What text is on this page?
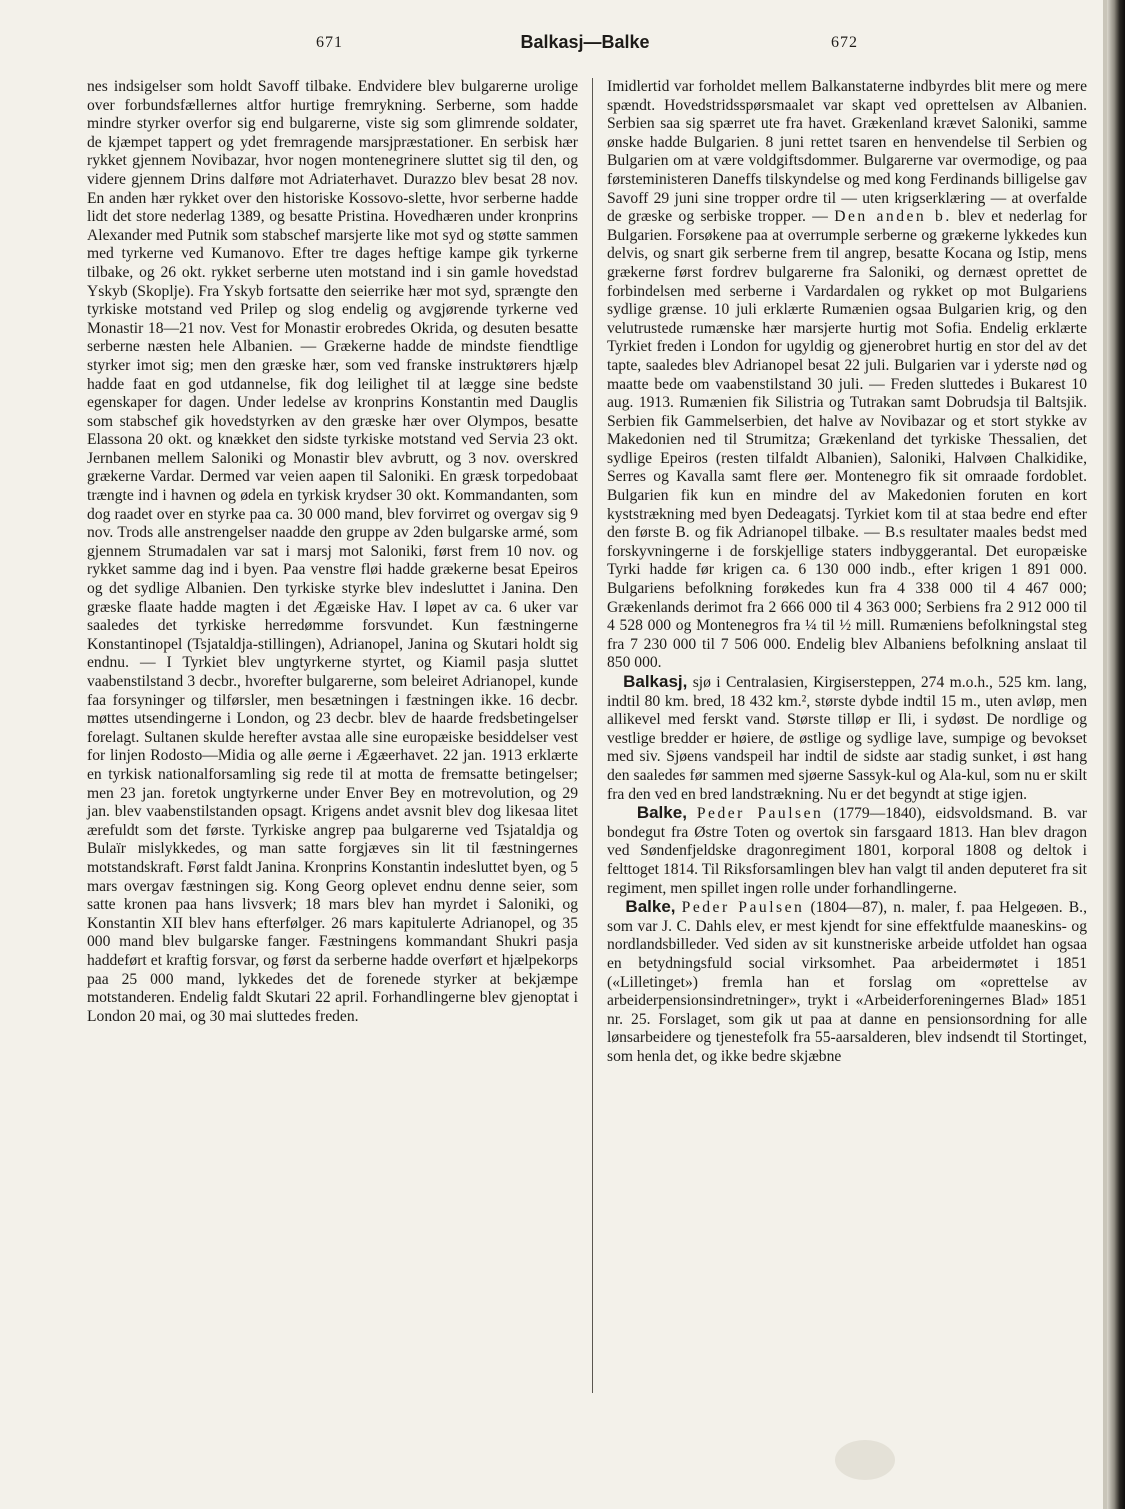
671	Balkasj—Balke	672

nes indsigelser som holdt Savoff tilbake. Endvidere blev bulgarerne urolige over forbundsfællernes altfor hurtige fremrykning. Serberne, som hadde mindre styrker overfor sig end bulgarerne, viste sig som glimrende soldater, de kjæmpet tappert og ydet fremragende marsjpræstationer. En serbisk hær rykket gjennem Novibazar, hvor nogen montenegrinere sluttet sig til den, og videre gjennem Drins dalføre mot Adriaterhavet. Durazzo blev besat 28 nov. En anden hær rykket over den historiske Kossovo-slette, hvor serberne hadde lidt det store nederlag 1389, og besatte Pristina. Hovedhæren under kronprins Alexander med Putnik som stabschef marsjerte like mot syd og støtte sammen med tyrkerne ved Kumanovo. Efter tre dages heftige kampe gik tyrkerne tilbake, og 26 okt. rykket serberne uten motstand ind i sin gamle hovedstad Yskyb (Skoplje). Fra Yskyb fortsatte den seierrike hær mot syd, sprængte den tyrkiske motstand ved Prilep og slog endelig og avgjørende tyrkerne ved Monastir 18—21 nov. Vest for Monastir erobredes Okrida, og desuten besatte serberne næsten hele Albanien. — Grækerne hadde de mindste fiendtlige styrker imot sig; men den græske hær, som ved franske instruktørers hjælp hadde faat en god utdannelse, fik dog leilighet til at lægge sine bedste egenskaper for dagen. Under ledelse av kronprins Konstantin med Dauglis som stabschef gik hovedstyrken av den græske hær over Olympos, besatte Elassona 20 okt. og knækket den sidste tyrkiske motstand ved Servia 23 okt. Jernbanen mellem Saloniki og Monastir blev avbrutt, og 3 nov. overskred grækerne Vardar. Dermed var veien aapen til Saloniki. En græsk torpedobaat trængte ind i havnen og ødela en tyrkisk krydser 30 okt. Kommandanten, som dog raadet over en styrke paa ca. 30 000 mand, blev forvirret og overgav sig 9 nov. Trods alle anstrengelser naadde den gruppe av 2den bulgarske armé, som gjennem Strumadalen var sat i marsj mot Saloniki, først frem 10 nov. og rykket samme dag ind i byen. Paa venstre fløi hadde grækerne besat Epeiros og det sydlige Albanien. Den tyrkiske styrke blev indesluttet i Janina. Den græske flaate hadde magten i det Ægæiske Hav. I løpet av ca. 6 uker var saaledes det tyrkiske herredømme forsvundet. Kun fæstningerne Konstantinopel (Tsjataldja-stillingen), Adrianopel, Janina og Skutari holdt sig endnu. — I Tyrkiet blev ungtyrkerne styrtet, og Kiamil pasja sluttet vaabenstilstand 3 decbr., hvorefter bulgarerne, som beleiret Adrianopel, kunde faa forsyninger og tilførsler, men besætningen i fæstningen ikke. 16 decbr. møttes utsendingerne i London, og 23 decbr. blev de haarde fredsbetingelser forelagt. Sultanen skulde herefter avstaa alle sine europæiske besiddelser vest for linjen Rodosto—Midia og alle øerne i Ægæerhavet. 22 jan. 1913 erklærte en tyrkisk nationalforsamling sig rede til at motta de fremsatte betingelser; men 23 jan. foretok ungtyrkerne under Enver Bey en motrevolution, og 29 jan. blev vaabenstilstanden opsagt. Krigens andet avsnit blev dog likesaa litet ærefuldt som det første. Tyrkiske angrep paa bulgarerne ved Tsjataldja og Bulaïr mislykkedes, og man satte forgjæves sin lit til fæstningernes motstandskraft. Først faldt Janina. Kronprins Konstantin indesluttet byen, og 5 mars overgav fæstningen sig. Kong Georg oplevet endnu denne seier, som satte kronen paa hans livsverk; 18 mars blev han myrdet i Saloniki, og Konstantin XII blev hans efterfølger. 26 mars kapitulerte Adrianopel, og 35 000 mand blev bulgarske fanger. Fæstningens kommandant Shukri pasja haddeført et kraftig forsvar, og først da serberne hadde overført et hjælpekorps paa 25 000 mand, lykkedes det de forenede styrker at bekjæmpe motstanderen. Endelig faldt Skutari 22 april. Forhandlingerne blev gjenoptat i London 20 mai, og 30 mai sluttedes freden.

Imidlertid var forholdet mellem Balkanstaterne indbyrdes blit mere og mere spændt. Hovedstridsspørsmaalet var skapt ved oprettelsen av Albanien. Serbien saa sig spærret ute fra havet. Grækenland krævet Saloniki, samme ønske hadde Bulgarien. 8 juni rettet tsaren en henvendelse til Serbien og Bulgarien om at være voldgiftsdommer. Bulgarerne var overmodige, og paa førsteministeren Daneffs tilskyndelse og med kong Ferdinands billigelse gav Savoff 29 juni sine tropper ordre til — uten krigserklæring — at overfalde de græske og serbiske tropper. — Den anden b. blev et nederlag for Bulgarien. Forsøkene paa at overrumple serberne og grækerne lykkedes kun delvis, og snart gik serberne frem til angrep, besatte Kocana og Istip, mens grækerne først fordrev bulgarerne fra Saloniki, og dernæst oprettet de forbindelsen med serberne i Vardardalen og rykket op mot Bulgariens sydlige grænse. 10 juli erklærte Rumænien ogsaa Bulgarien krig, og den velutrustede rumænske hær marsjerte hurtig mot Sofia. Endelig erklærte Tyrkiet freden i London for ugyldig og gjenerobret hurtig en stor del av det tapte, saaledes blev Adrianopel besat 22 juli. Bulgarien var i yderste nød og maatte bede om vaabenstilstand 30 juli. — Freden sluttedes i Bukarest 10 aug. 1913. Rumænien fik Silistria og Tutrakan samt Dobrudsja til Baltsjik. Serbien fik Gammelserbien, det halve av Novibazar og et stort stykke av Makedonien ned til Strumitza; Grækenland det tyrkiske Thessalien, det sydlige Epeiros (resten tilfaldt Albanien), Saloniki, Halvøen Chalkidike, Serres og Kavalla samt flere øer. Montenegro fik sit omraade fordoblet. Bulgarien fik kun en mindre del av Makedonien foruten en kort kyststrækning med byen Dedeagatsj. Tyrkiet kom til at staa bedre end efter den første B. og fik Adrianopel tilbake. — B.s resultater maales bedst med forskyvningerne i de forskjellige staters indbyggerantal. Det europæiske Tyrki hadde før krigen ca. 6 130 000 indb., efter krigen 1 891 000. Bulgariens befolkning forøkedes kun fra 4 338 000 til 4 467 000; Grækenlands derimot fra 2 666 000 til 4 363 000; Serbiens fra 2 912 000 til 4 528 000 og Montenegros fra ¼ til ½ mill. Rumæniens befolkningstal steg fra 7 230 000 til 7 506 000. Endelig blev Albaniens befolkning anslaat til 850 000.

Balkasj, sjø i Centralasien, Kirgisersteppen, 274 m.o.h., 525 km. lang, indtil 80 km. bred, 18 432 km.², største dybde indtil 15 m., uten avløp, men allikevel med ferskt vand. Største tilløp er Ili, i sydøst. De nordlige og vestlige bredder er høiere, de østlige og sydlige lave, sumpige og bevokset med siv. Sjøens vandspeil har indtil de sidste aar stadig sunket, i øst hang den saaledes før sammen med sjøerne Sassyk-kul og Ala-kul, som nu er skilt fra den ved en bred landstrækning. Nu er det begyndt at stige igjen.

Balke, Peder Paulsen (1779—1840), eidsvoldsmand. B. var bondegut fra Østre Toten og overtok sin farsgaard 1813. Han blev dragon ved Søndenfjeldske dragonregiment 1801, korporal 1808 og deltok i felttoget 1814. Til Riksforsamlingen blev han valgt til anden deputeret fra sit regiment, men spillet ingen rolle under forhandlingerne.

Balke, Peder Paulsen (1804—87), n. maler, f. paa Helgeøen. B., som var J. C. Dahls elev, er mest kjendt for sine effektfulde maaneskins- og nordlandsbilleder. Ved siden av sit kunstneriske arbeide utfoldet han ogsaa en betydningsfuld social virksomhet. Paa arbeidermøtet i 1851 («Lilletinget») fremla han et forslag om «oprettelse av arbeiderpensionsindretninger», trykt i «Arbeiderforeningernes Blad» 1851 nr. 25. Forslaget, som gik ut paa at danne en pensionsordning for alle lønsarbeidere og tjenestefolk fra 55-aarsalderen, blev indsendt til Stortinget, som henla det, og ikke bedre skjæbne
